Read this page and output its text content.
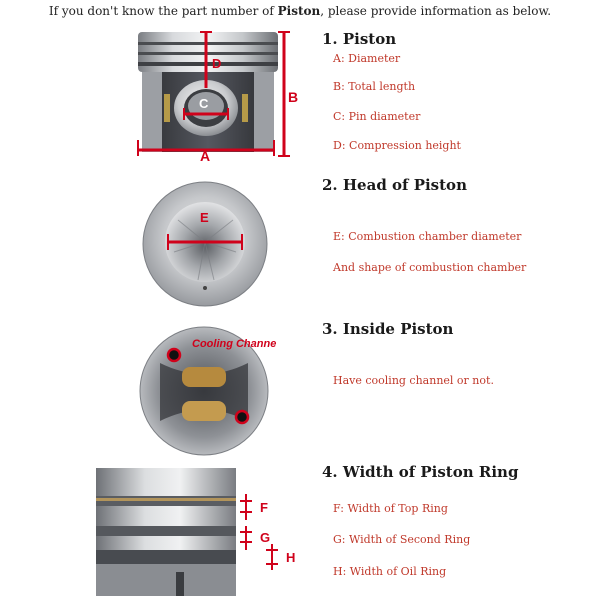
If you don't know the part number of Piston, please provide information as below.
A
B
D
C
1. Piston
A: Diameter
B: Total length
C: Pin diameter
D: Compression height
E
2. Head of Piston
E: Combustion chamber diameter
And shape of combustion chamber
Cooling Channel
3. Inside Piston
Have cooling channel or not.
F
G
H
4. Width of Piston Ring
F: Width of Top Ring
G: Width of Second Ring
H: Width of Oil Ring
